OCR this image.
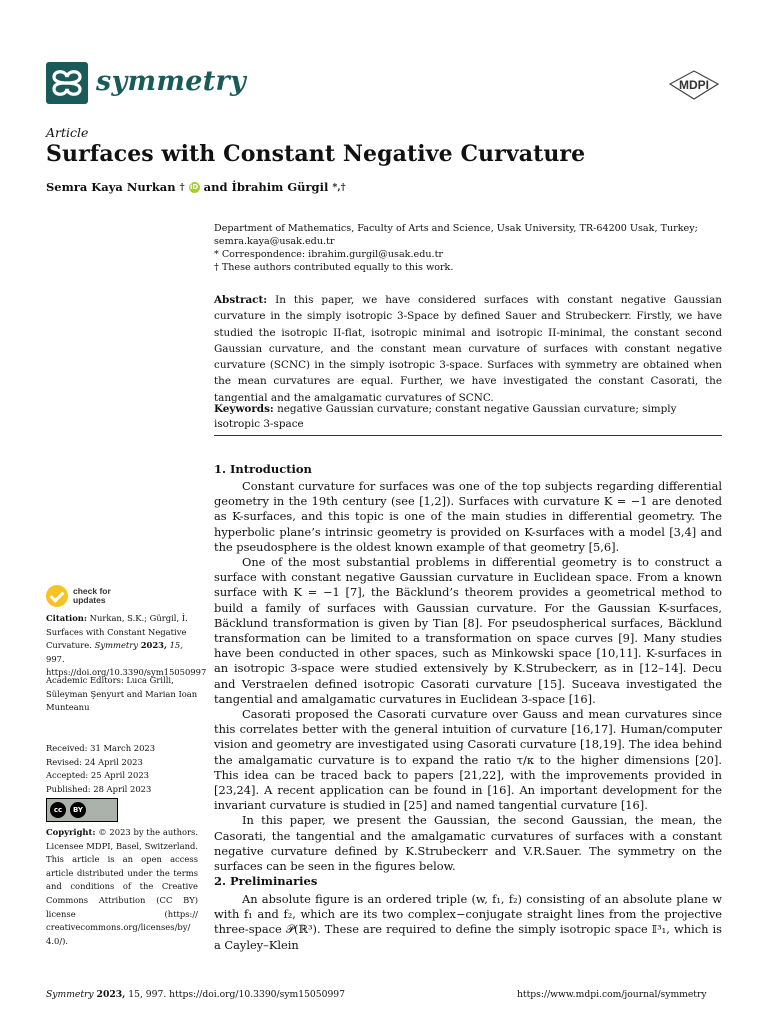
symmetry	MDPI
Article
Surfaces with Constant Negative Curvature
Semra Kaya Nurkan † iD and İbrahim Gürgil *,†
Department of Mathematics, Faculty of Arts and Science, Usak University, TR-64200 Usak, Turkey;
semra.kaya@usak.edu.tr
* Correspondence: ibrahim.gurgil@usak.edu.tr
† These authors contributed equally to this work.
Abstract: In this paper, we have considered surfaces with constant negative Gaussian curvature in the simply isotropic 3-Space by defined Sauer and Strubeckerr. Firstly, we have studied the isotropic II-flat, isotropic minimal and isotropic II-minimal, the constant second Gaussian curvature, and the constant mean curvature of surfaces with constant negative curvature (SCNC) in the simply isotropic 3-space. Surfaces with symmetry are obtained when the mean curvatures are equal. Further, we have investigated the constant Casorati, the tangential and the amalgamatic curvatures of SCNC.
Keywords: negative Gaussian curvature; constant negative Gaussian curvature; simply isotropic 3-space
1. Introduction

Constant curvature for surfaces was one of the top subjects regarding differential geometry in the 19th century (see [1,2]). Surfaces with curvature K = −1 are denoted as K-surfaces, and this topic is one of the main studies in differential geometry. The hyperbolic plane’s intrinsic geometry is provided on K-surfaces with a model [3,4] and the pseudosphere is the oldest known example of that geometry [5,6].

One of the most substantial problems in differential geometry is to construct a surface with constant negative Gaussian curvature in Euclidean space. From a known surface with K = −1 [7], the Bäcklund’s theorem provides a geometrical method to build a family of surfaces with Gaussian curvature. For the Gaussian K-surfaces, Bäcklund transformation is given by Tian [8]. For pseudospherical surfaces, Bäcklund transformation can be limited to a transformation on space curves [9]. Many studies have been conducted in other spaces, such as Minkowski space [10,11]. K-surfaces in an isotropic 3-space were studied extensively by K.Strubeckerr, as in [12–14]. Decu and Verstraelen defined isotropic Casorati curvature [15]. Suceava investigated the tangential and amalgamatic curvatures in Euclidean 3-space [16].

Casorati proposed the Casorati curvature over Gauss and mean curvatures since this correlates better with the general intuition of curvature [16,17]. Human/computer vision and geometry are investigated using Casorati curvature [18,19]. The idea behind the amalgamatic curvature is to expand the ratio τ/κ to the higher dimensions [20]. This idea can be traced back to papers [21,22], with the improvements provided in [23,24]. A recent application can be found in [16]. An important development for the invariant curvature is studied in [25] and named tangential curvature [16].

In this paper, we present the Gaussian, the second Gaussian, the mean, the Casorati, the tangential and the amalgamatic curvatures of surfaces with a constant negative curvature defined by K.Strubeckerr and V.R.Sauer. The symmetry on the surfaces can be seen in the figures below.

2. Preliminaries

An absolute figure is an ordered triple (w, f₁, f₂) consisting of an absolute plane w with f₁ and f₂, which are its two complex−conjugate straight lines from the projective three-space 𝒫(ℝ³). These are required to define the simply isotropic space 𝕀³₁, which is a Cayley–Klein

check for
updates
Citation: Nurkan, S.K.; Gürgil, İ. Surfaces with Constant Negative Curvature. Symmetry 2023, 15, 997. https://doi.org/10.3390/sym15050997
Academic Editors: Luca Grilli, Süleyman Şenyurt and Marian Ioan Munteanu
Received: 31 March 2023
Revised: 24 April 2023
Accepted: 25 April 2023
Published: 28 April 2023
cc	BY
Copyright: © 2023 by the authors. Licensee MDPI, Basel, Switzerland. This article is an open access article distributed under the terms and conditions of the Creative Commons Attribution (CC BY) license (https:// creativecommons.org/licenses/by/ 4.0/).
Symmetry 2023, 15, 997. https://doi.org/10.3390/sym15050997	https://www.mdpi.com/journal/symmetry
